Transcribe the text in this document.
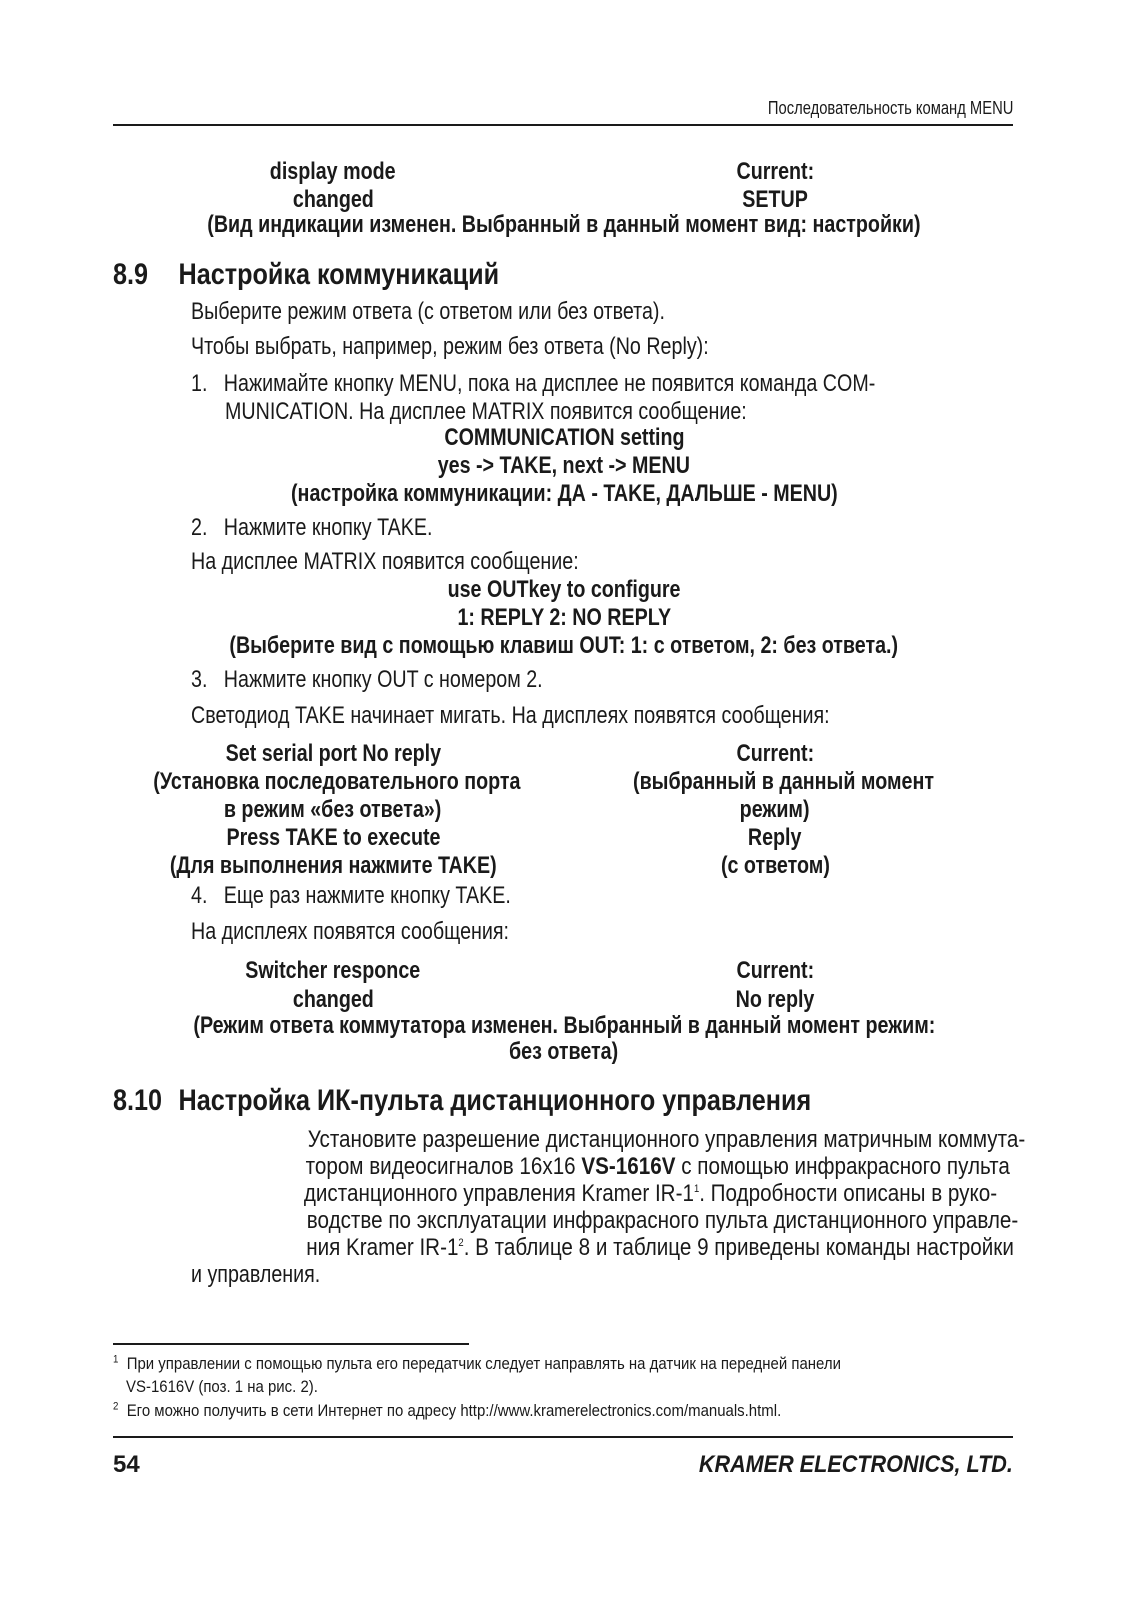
Последовательность команд MENU
display mode
changed
Current:
SETUP
(Вид индикации изменен. Выбранный в данный момент вид: настройки)
8.9 Настройка коммуникаций
Выберите режим ответа (с ответом или без ответа).
Чтобы выбрать, например, режим без ответа (No Reply):
1. Нажимайте кнопку MENU, пока на дисплее не появится команда COM-
MUNICATION. На дисплее MATRIX появится сообщение:
COMMUNICATION setting
yes -> TAKE, next -> MENU
(настройка коммуникации: ДА - TAKE, ДАЛЬШЕ - MENU)
2. Нажмите кнопку TAKE.
На дисплее MATRIX появится сообщение:
use OUTkey to configure
1: REPLY 2: NO REPLY
(Выберите вид с помощью клавиш OUT: 1: с ответом, 2: без ответа.)
3. Нажмите кнопку OUT с номером 2.
Светодиод TAKE начинает мигать. На дисплеях появятся сообщения:
Set serial port No reply
(Установка последовательного порта
в режим «без ответа»)
Press TAKE to execute
(Для выполнения нажмите TAKE)
Current:
(выбранный в данный момент
режим)
Reply
(с ответом)
4. Еще раз нажмите кнопку TAKE.
На дисплеях появятся сообщения:
Switcher responce
changed
Current:
No reply
(Режим ответа коммутатора изменен. Выбранный в данный момент режим:
без ответа)
8.10 Настройка ИК-пульта дистанционного управления
Установите разрешение дистанционного управления матричным коммута-
тором видеосигналов 16x16 VS-1616V с помощью инфракрасного пульта
дистанционного управления Kramer $IR-1^1$. Подробности описаны в руко-
водстве по эксплуатации инфракрасного пульта дистанционного управле-
ния Kramer $IR-1^2$. В таблице 8 и таблице 9 приведены команды настройки
и управления.
$^1$ При управлении с помощью пульта его передатчик следует направлять на датчик на передней панели
VS-1616V (поз. 1 на рис. 2).
$^2$ Его можно получить в сети Интернет по адресу http://www.kramerelectronics.com/manuals.html.
54	KRAMER ELECTRONICS, LTD.
